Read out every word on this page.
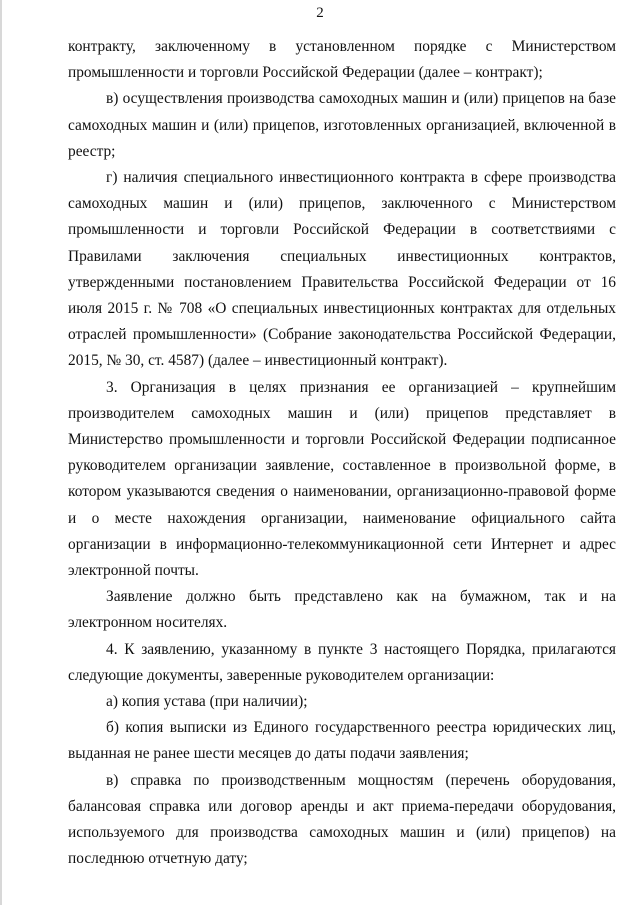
2

контракту, заключенному в установленном порядке с Министерством промышленности и торговли Российской Федерации (далее – контракт);

в) осуществления производства самоходных машин и (или) прицепов на базе самоходных машин и (или) прицепов, изготовленных организацией, включенной в реестр;

г) наличия специального инвестиционного контракта в сфере производства самоходных машин и (или) прицепов, заключенного с Министерством промышленности и торговли Российской Федерации в соответствиями с Правилами заключения специальных инвестиционных контрактов, утвержденными постановлением Правительства Российской Федерации от 16 июля 2015 г. № 708 «О специальных инвестиционных контрактах для отдельных отраслей промышленности» (Собрание законодательства Российской Федерации, 2015, № 30, ст. 4587) (далее – инвестиционный контракт).

3. Организация в целях признания ее организацией – крупнейшим производителем самоходных машин и (или) прицепов представляет в Министерство промышленности и торговли Российской Федерации подписанное руководителем организации заявление, составленное в произвольной форме, в котором указываются сведения о наименовании, организационно-правовой форме и о месте нахождения организации, наименование официального сайта организации в информационно-телекоммуникационной сети Интернет и адрес электронной почты.

Заявление должно быть представлено как на бумажном, так и на электронном носителях.

4. К заявлению, указанному в пункте 3 настоящего Порядка, прилагаются следующие документы, заверенные руководителем организации:

а) копия устава (при наличии);

б) копия выписки из Единого государственного реестра юридических лиц, выданная не ранее шести месяцев до даты подачи заявления;

в) справка по производственным мощностям (перечень оборудования, балансовая справка или договор аренды и акт приема-передачи оборудования, используемого для производства самоходных машин и (или) прицепов) на последнюю отчетную дату;
